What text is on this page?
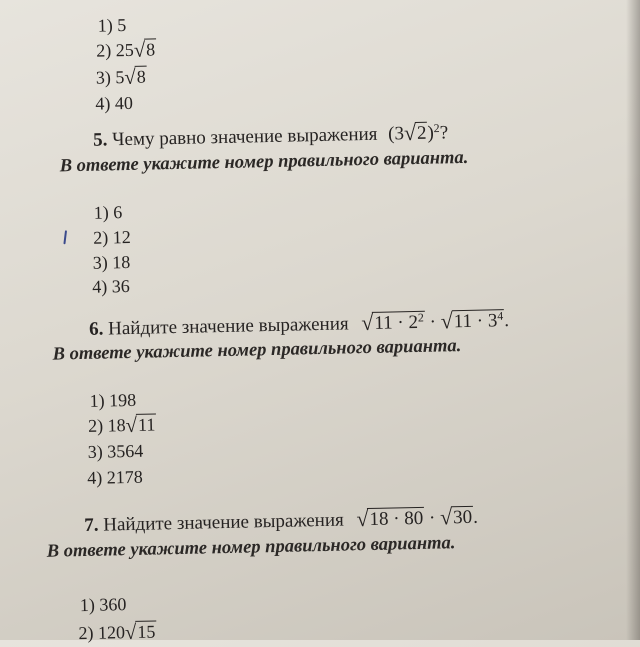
1) 5
2) 25√8
3) 5√8
4) 40
5. Чему равно значение выражения $(3√2)^2$?
В ответе укажите номер правильного варианта.
1) 6
2) 12
3) 18
4) 36
6. Найдите значение выражения $√11 \cdot 2^2 \cdot √11 \cdot 3^4$.
В ответе укажите номер правильного варианта.
1) 198
2) 18√11
3) 3564
4) 2178
7. Найдите значение выражения √18 · 80 · √30.
В ответе укажите номер правильного варианта.
1) 360
2) 120√15
